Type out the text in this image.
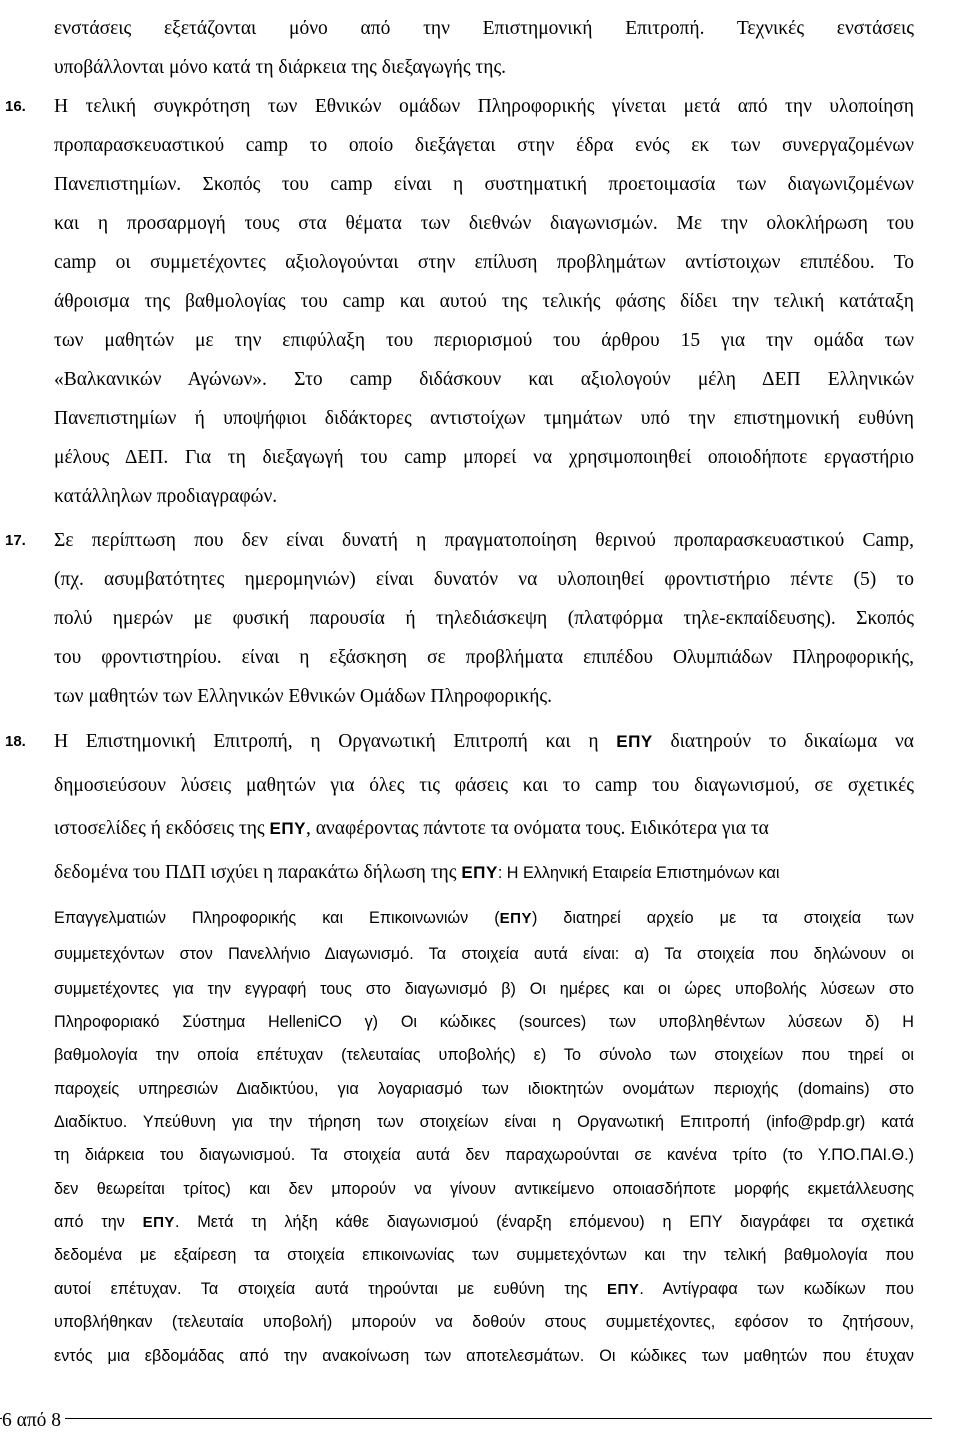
ενστάσεις εξετάζονται μόνο από την Επιστημονική Επιτροπή. Τεχνικές ενστάσεις
υποβάλλονται μόνο κατά τη διάρκεια της διεξαγωγής της.
16. Η τελική συγκρότηση των Εθνικών ομάδων Πληροφορικής γίνεται μετά από την υλοποίηση
προπαρασκευαστικού camp το οποίο διεξάγεται στην έδρα ενός εκ των συνεργαζομένων
Πανεπιστημίων. Σκοπός του camp είναι η συστηματική προετοιμασία των διαγωνιζομένων
και η προσαρμογή τους στα θέματα των διεθνών διαγωνισμών. Με την ολοκλήρωση του
camp οι συμμετέχοντες αξιολογούνται στην επίλυση προβλημάτων αντίστοιχων επιπέδου. Το
άθροισμα της βαθμολογίας του camp και αυτού της τελικής φάσης δίδει την τελική κατάταξη
των μαθητών με την επιφύλαξη του περιορισμού του άρθρου 15 για την ομάδα των
«Βαλκανικών Αγώνων». Στο camp διδάσκουν και αξιολογούν μέλη ΔΕΠ Ελληνικών
Πανεπιστημίων ή υποψήφιοι διδάκτορες αντιστοίχων τμημάτων υπό την επιστημονική ευθύνη
μέλους ΔΕΠ. Για τη διεξαγωγή του camp μπορεί να χρησιμοποιηθεί οποιοδήποτε εργαστήριο
κατάλληλων προδιαγραφών.
17. Σε περίπτωση που δεν είναι δυνατή η πραγματοποίηση θερινού προπαρασκευαστικού Camp,
(πχ. ασυμβατότητες ημερομηνιών) είναι δυνατόν να υλοποιηθεί φροντιστήριο πέντε (5) το
πολύ ημερών με φυσική παρουσία ή τηλεδιάσκεψη (πλατφόρμα τηλε-εκπαίδευσης). Σκοπός
του φροντιστηρίου. είναι η εξάσκηση σε προβλήματα επιπέδου Ολυμπιάδων Πληροφορικής,
των μαθητών των Ελληνικών Εθνικών Ομάδων Πληροφορικής.
18. Η Επιστημονική Επιτροπή, η Οργανωτική Επιτροπή και η ΕΠΥ διατηρούν το δικαίωμα να
δημοσιεύσουν λύσεις μαθητών για όλες τις φάσεις και το camp του διαγωνισμού, σε σχετικές
ιστοσελίδες ή εκδόσεις της ΕΠΥ, αναφέροντας πάντοτε τα ονόματα τους. Ειδικότερα για τα
δεδομένα του ΠΔΠ ισχύει η παρακάτω δήλωση της ΕΠΥ: Η Ελληνική Εταιρεία Επιστημόνων και
Επαγγελματιών Πληροφορικής και Επικοινωνιών (ΕΠΥ) διατηρεί αρχείο με τα στοιχεία των
συμμετεχόντων στον Πανελλήνιο Διαγωνισμό. Τα στοιχεία αυτά είναι: α) Τα στοιχεία που δηλώνουν οι
συμμετέχοντες για την εγγραφή τους στο διαγωνισμό β) Οι ημέρες και οι ώρες υποβολής λύσεων στο
Πληροφοριακό Σύστημα HelleniCO γ) Οι κώδικες (sources) των υποβληθέντων λύσεων δ) Η
βαθμολογία την οποία επέτυχαν (τελευταίας υποβολής) ε) Το σύνολο των στοιχείων που τηρεί οι
παροχείς υπηρεσιών Διαδικτύου, για λογαριασμό των ιδιοκτητών ονομάτων περιοχής (domains) στο
Διαδίκτυο. Υπεύθυνη για την τήρηση των στοιχείων είναι η Οργανωτική Επιτροπή (info@pdp.gr) κατά
τη διάρκεια του διαγωνισμού. Τα στοιχεία αυτά δεν παραχωρούνται σε κανένα τρίτο (το Υ.ΠΟ.ΠΑΙ.Θ.)
δεν θεωρείται τρίτος) και δεν μπορούν να γίνουν αντικείμενο οποιασδήποτε μορφής εκμετάλλευσης
από την ΕΠΥ. Μετά τη λήξη κάθε διαγωνισμού (έναρξη επόμενου) η ΕΠΥ διαγράφει τα σχετικά
δεδομένα με εξαίρεση τα στοιχεία επικοινωνίας των συμμετεχόντων και την τελική βαθμολογία που
αυτοί επέτυχαν. Τα στοιχεία αυτά τηρούνται με ευθύνη της ΕΠΥ. Αντίγραφα των κωδίκων που
υποβλήθηκαν (τελευταία υποβολή) μπορούν να δοθούν στους συμμετέχοντες, εφόσον το ζητήσουν,
εντός μια εβδομάδας από την ανακοίνωση των αποτελεσμάτων. Οι κώδικες των μαθητών που έτυχαν
6 από 8
